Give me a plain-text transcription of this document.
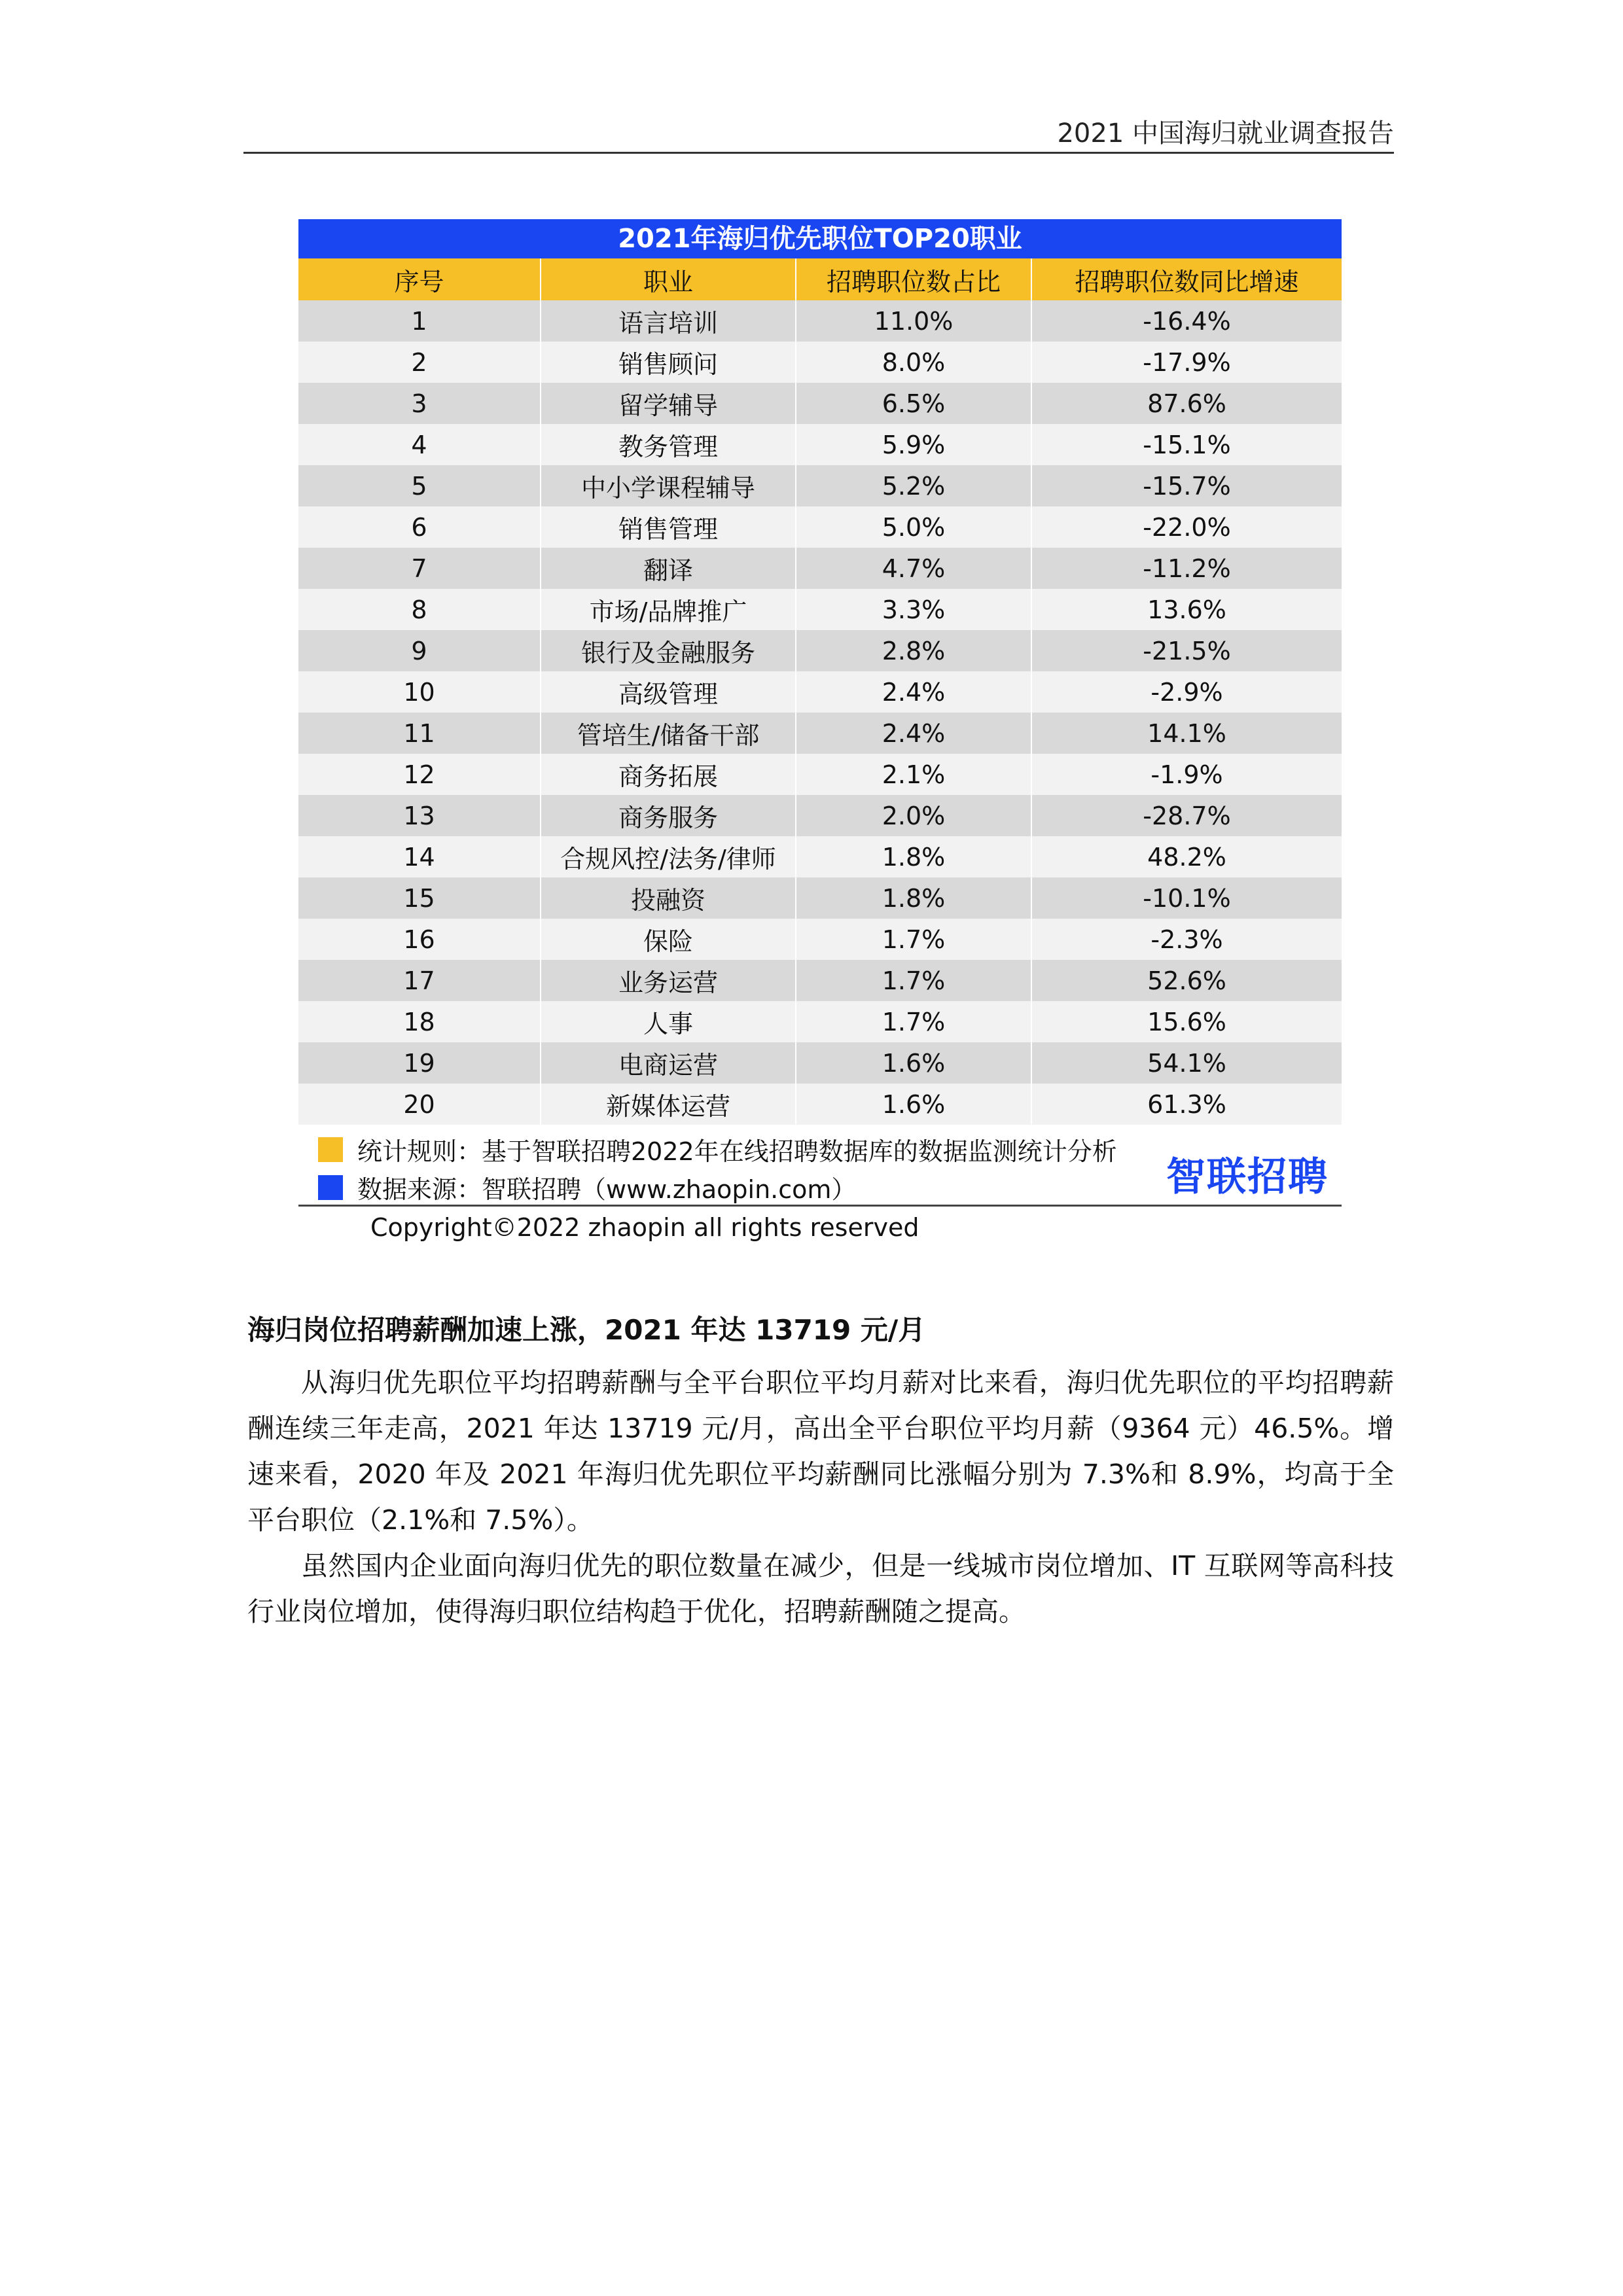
2021 中国海归就业调查报告
2021年海归优先职位TOP20职业
序号	职业	招聘职位数占比	招聘职位数同比增速
1	语言培训	11.0%	-16.4%
2	销售顾问	8.0%	-17.9%
3	留学辅导	6.5%	87.6%
4	教务管理	5.9%	-15.1%
5	中小学课程辅导	5.2%	-15.7%
6	销售管理	5.0%	-22.0%
7	翻译	4.7%	-11.2%
8	市场/品牌推广	3.3%	13.6%
9	银行及金融服务	2.8%	-21.5%
10	高级管理	2.4%	-2.9%
11	管培生/储备干部	2.4%	14.1%
12	商务拓展	2.1%	-1.9%
13	商务服务	2.0%	-28.7%
14	合规风控/法务/律师	1.8%	48.2%
15	投融资	1.8%	-10.1%
16	保险	1.7%	-2.3%
17	业务运营	1.7%	52.6%
18	人事	1.7%	15.6%
19	电商运营	1.6%	54.1%
20	新媒体运营	1.6%	61.3%
统计规则：基于智联招聘2022年在线招聘数据库的数据监测统计分析
数据来源：智联招聘（www.zhaopin.com）	智联招聘
Copyright©2022 zhaopin all rights reserved
海归岗位招聘薪酬加速上涨，2021 年达 13719 元/月

从海归优先职位平均招聘薪酬与全平台职位平均月薪对比来看，海归优先职位的平均招聘薪酬连续三年走高，2021 年达 13719 元/月，高出全平台职位平均月薪（9364 元）46.5%。增速来看，2020 年及 2021 年海归优先职位平均薪酬同比涨幅分别为 7.3%和 8.9%，均高于全平台职位（2.1%和 7.5%）。

虽然国内企业面向海归优先的职位数量在减少，但是一线城市岗位增加、IT 互联网等高科技行业岗位增加，使得海归职位结构趋于优化，招聘薪酬随之提高。
